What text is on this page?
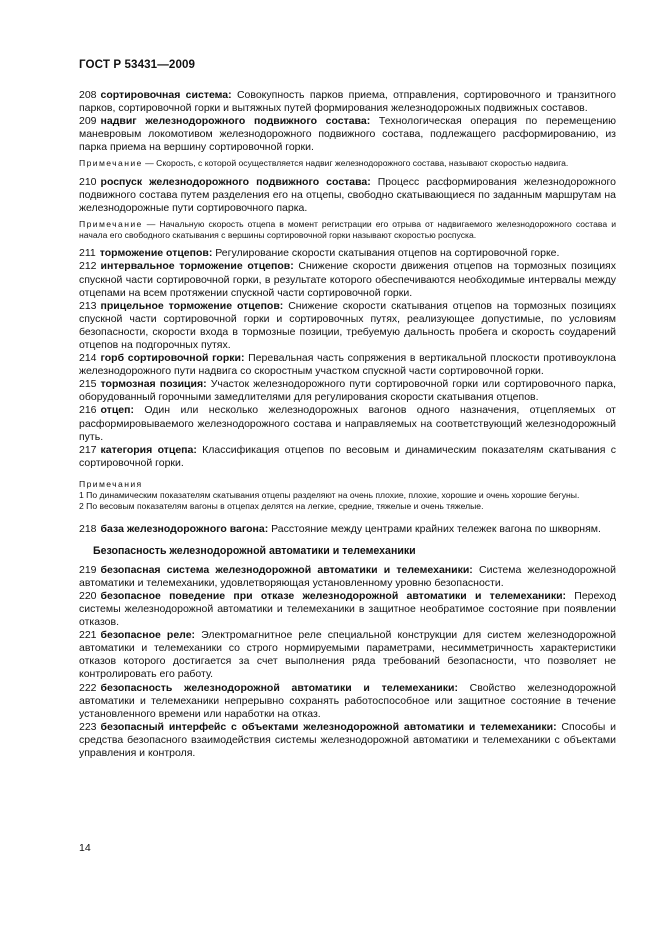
ГОСТ Р 53431—2009

208 сортировочная система: Совокупность парков приема, отправления, сортировочного и транзитного парков, сортировочной горки и вытяжных путей формирования железнодорожных подвижных составов.

209 надвиг железнодорожного подвижного состава: Технологическая операция по перемещению маневровым локомотивом железнодорожного подвижного состава, подлежащего расформированию, из парка приема на вершину сортировочной горки.

Примечание — Скорость, с которой осуществляется надвиг железнодорожного состава, называют скоростью надвига.

210 роспуск железнодорожного подвижного состава: Процесс расформирования железнодорожного подвижного состава путем разделения его на отцепы, свободно скатывающиеся по заданным маршрутам на железнодорожные пути сортировочного парка.

Примечание — Начальную скорость отцепа в момент регистрации его отрыва от надвигаемого железнодорожного состава и начала его свободного скатывания с вершины сортировочной горки называют скоростью роспуска.

211 торможение отцепов: Регулирование скорости скатывания отцепов на сортировочной горке.

212 интервальное торможение отцепов: Снижение скорости движения отцепов на тормозных позициях спускной части сортировочной горки, в результате которого обеспечиваются необходимые интервалы между отцепами на всем протяжении спускной части сортировочной горки.

213 прицельное торможение отцепов: Снижение скорости скатывания отцепов на тормозных позициях спускной части сортировочной горки и сортировочных путях, реализующее допустимые, по условиям безопасности, скорости входа в тормозные позиции, требуемую дальность пробега и скорость соударений отцепов на подгорочных путях.

214 горб сортировочной горки: Перевальная часть сопряжения в вертикальной плоскости противоуклона железнодорожного пути надвига со скоростным участком спускной части сортировочной горки.

215 тормозная позиция: Участок железнодорожного пути сортировочной горки или сортировочного парка, оборудованный горочными замедлителями для регулирования скорости скатывания отцепов.

216 отцеп: Один или несколько железнодорожных вагонов одного назначения, отцепляемых от расформировываемого железнодорожного состава и направляемых на соответствующий железнодорожный путь.

217 категория отцепа: Классификация отцепов по весовым и динамическим показателям скатывания с сортировочной горки.

Примечания
1 По динамическим показателям скатывания отцепы разделяют на очень плохие, плохие, хорошие и очень хорошие бегуны.
2 По весовым показателям вагоны в отцепах делятся на легкие, средние, тяжелые и очень тяжелые.

218 база железнодорожного вагона: Расстояние между центрами крайних тележек вагона по шкворням.

Безопасность железнодорожной автоматики и телемеханики

219 безопасная система железнодорожной автоматики и телемеханики: Система железнодорожной автоматики и телемеханики, удовлетворяющая установленному уровню безопасности.

220 безопасное поведение при отказе железнодорожной автоматики и телемеханики: Переход системы железнодорожной автоматики и телемеханики в защитное необратимое состояние при появлении отказов.

221 безопасное реле: Электромагнитное реле специальной конструкции для систем железнодорожной автоматики и телемеханики со строго нормируемыми параметрами, несимметричность характеристики отказов которого достигается за счет выполнения ряда требований безопасности, что позволяет не контролировать его работу.

222 безопасность железнодорожной автоматики и телемеханики: Свойство железнодорожной автоматики и телемеханики непрерывно сохранять работоспособное или защитное состояние в течение установленного времени или наработки на отказ.

223 безопасный интерфейс с объектами железнодорожной автоматики и телемеханики: Способы и средства безопасного взаимодействия системы железнодорожной автоматики и телемеханики с объектами управления и контроля.

14
